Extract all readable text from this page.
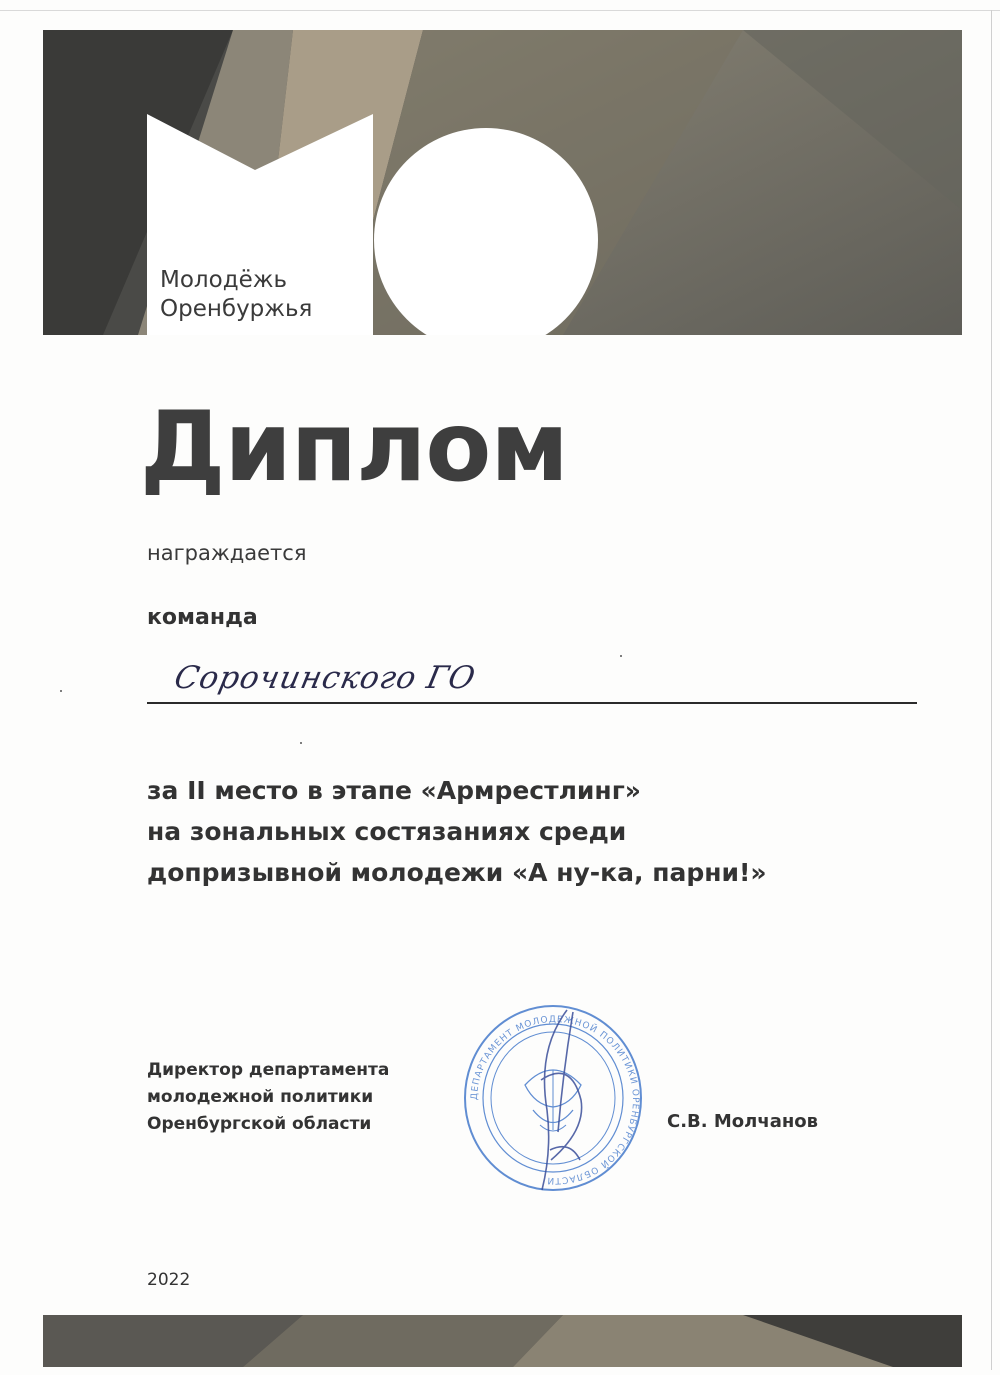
Молодёжь
Оренбуржья
Диплом
награждается
команда
Сорочинского ГО
за II место в этапе «Армрестлинг»
на зональных состязаниях среди
допризывной молодежи «А ну-ка, парни!»
Директор департамента
молодежной политики
Оренбургской области
ДЕПАРТАМЕНТ МОЛОДЕЖНОЙ ПОЛИТИКИ ОРЕНБУРГСКОЙ ОБЛАСТИ
С.В. Молчанов
2022
